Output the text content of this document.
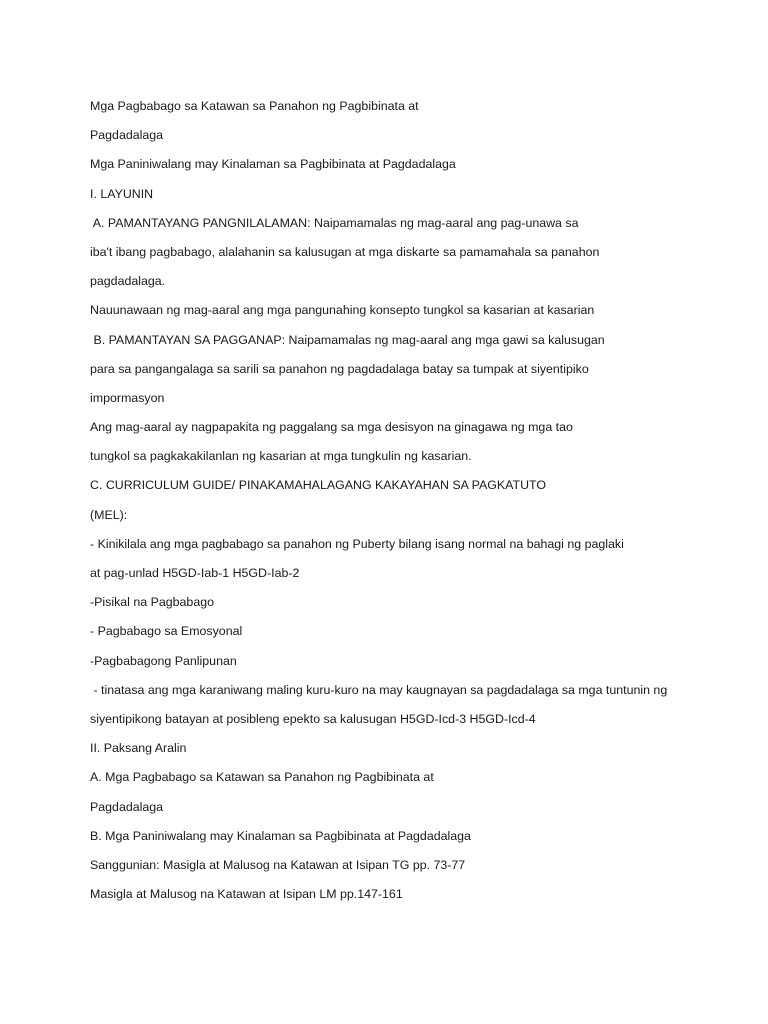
Mga Pagbabago sa Katawan sa Panahon ng Pagbibinata at
Pagdadalaga
Mga Paniniwalang may Kinalaman sa Pagbibinata at Pagdadalaga
I. LAYUNIN
A. PAMANTAYANG PANGNILALAMAN: Naipamamalas ng mag-aaral ang pag-unawa sa
iba't ibang pagbabago, alalahanin sa kalusugan at mga diskarte sa pamamahala sa panahon
pagdadalaga.
Nauunawaan ng mag-aaral ang mga pangunahing konsepto tungkol sa kasarian at kasarian
B. PAMANTAYAN SA PAGGANAP: Naipamamalas ng mag-aaral ang mga gawi sa kalusugan
para sa pangangalaga sa sarili sa panahon ng pagdadalaga batay sa tumpak at siyentipiko
impormasyon
Ang mag-aaral ay nagpapakita ng paggalang sa mga desisyon na ginagawa ng mga tao
tungkol sa pagkakakilanlan ng kasarian at mga tungkulin ng kasarian.
C. CURRICULUM GUIDE/ PINAKAMAHALAGANG KAKAYAHAN SA PAGKATUTO
(MEL):
- Kinikilala ang mga pagbabago sa panahon ng Puberty bilang isang normal na bahagi ng paglaki
at pag-unlad H5GD-Iab-1 H5GD-Iab-2
-Pisikal na Pagbabago
- Pagbabago sa Emosyonal
-Pagbabagong Panlipunan
- tinatasa ang mga karaniwang maling kuru-kuro na may kaugnayan sa pagdadalaga sa mga tuntunin ng
siyentipikong batayan at posibleng epekto sa kalusugan H5GD-Icd-3 H5GD-Icd-4
II. Paksang Aralin
A. Mga Pagbabago sa Katawan sa Panahon ng Pagbibinata at
Pagdadalaga
B. Mga Paniniwalang may Kinalaman sa Pagbibinata at Pagdadalaga
Sanggunian: Masigla at Malusog na Katawan at Isipan TG pp. 73-77
Masigla at Malusog na Katawan at Isipan LM pp.147-161
